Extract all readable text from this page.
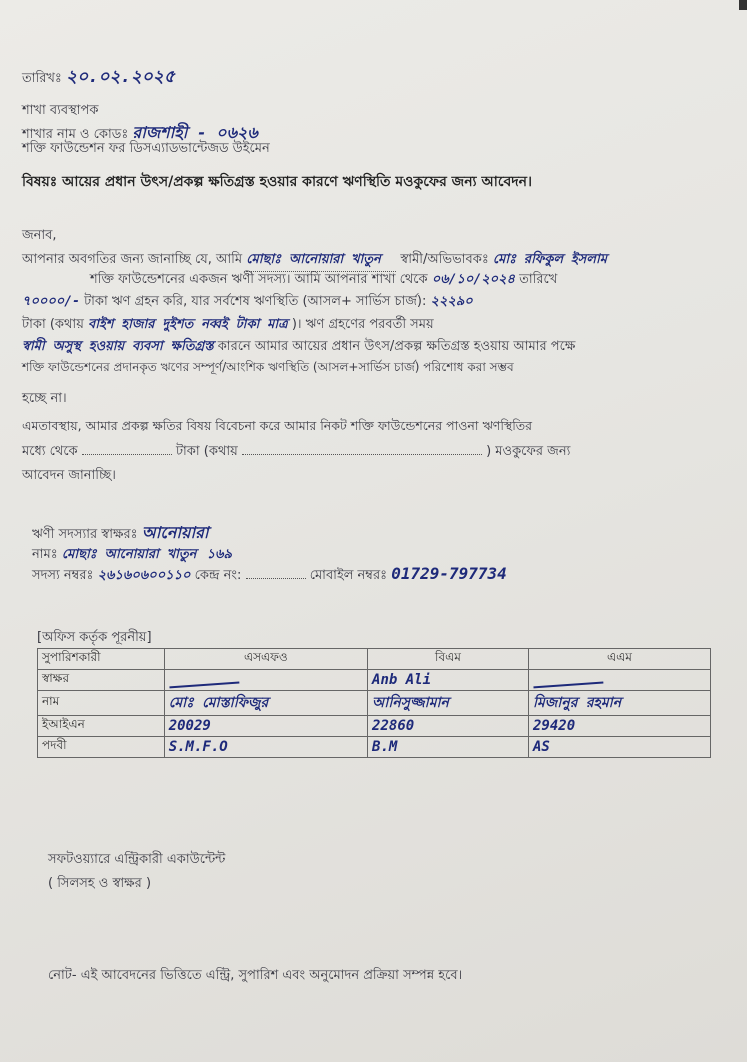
তারিখঃ ২০.০২.২০২৫
শাখা ব্যবস্থাপক
শাখার নাম ও কোডঃ রাজশাহী - ০৬২৬
শক্তি ফাউন্ডেশন ফর ডিসএ্যাডভান্টেজড উইমেন
বিষয়ঃ আয়ের প্রধান উৎস/প্রকল্প ক্ষতিগ্রস্ত হওয়ার কারণে ঋণস্থিতি মওকুফের জন্য আবেদন।
জনাব,
আপনার অবগতির জন্য জানাচ্ছি যে, আমি মোছাঃ আনোয়ারা খাতুন স্বামী/অভিভাবকঃ মোঃ রফিকুল ইসলাম
শক্তি ফাউন্ডেশনের একজন ঋণী সদস্য। আমি আপনার শাখা থেকে ০৬/১০/২০২৪ তারিখে
৭০০০০/- টাকা ঋণ গ্রহন করি, যার সর্বশেষ ঋণস্থিতি (আসল+ সার্ভিস চার্জ): ২২২৯০
টাকা (কথায় বাইশ হাজার দুইশত নব্বই টাকা মাত্র )। ঋণ গ্রহণের পরবর্তী সময়
স্বামী অসুস্থ হওয়ায় ব্যবসা ক্ষতিগ্রস্ত কারনে আমার আয়ের প্রধান উৎস/প্রকল্প ক্ষতিগ্রস্ত হওয়ায় আমার পক্ষে
শক্তি ফাউন্ডেশনের প্রদানকৃত ঋণের সম্পূর্ণ/আংশিক ঋণস্থিতি (আসল+সার্ভিস চার্জ) পরিশোধ করা সম্ভব
হচ্ছে না।
এমতাবস্থায়, আমার প্রকল্প ক্ষতির বিষয় বিবেচনা করে আমার নিকট শক্তি ফাউন্ডেশনের পাওনা ঋণস্থিতির
মধ্যে থেকে	টাকা (কথায়	) মওকুফের জন্য
আবেদন জানাচ্ছি।
ঋণী সদস্যার স্বাক্ষরঃ আনোয়ারা
নামঃ মোছাঃ আনোয়ারা খাতুন ১৬৯
সদস্য নম্বরঃ ২৬১৬০৬০০১১০ কেন্দ্র নং:	মোবাইল নম্বরঃ 01729-797734
[অফিস কর্তৃক পূরনীয়]
সুপারিশকারী	এসএফও	বিএম	এএম
স্বাক্ষর		Anb Ali	
নাম	মোঃ মোস্তাফিজুর	আনিসুজ্জামান	মিজানুর রহমান
ইআইএন	20029	22860	29420
পদবী	S.M.F.O	B.M	AS
সফটওয়্যারে এন্ট্রিকারী একাউন্টেন্ট
( সিলসহ ও স্বাক্ষর )
নোট- এই আবেদনের ভিত্তিতে এন্ট্রি, সুপারিশ এবং অনুমোদন প্রক্রিয়া সম্পন্ন হবে।
